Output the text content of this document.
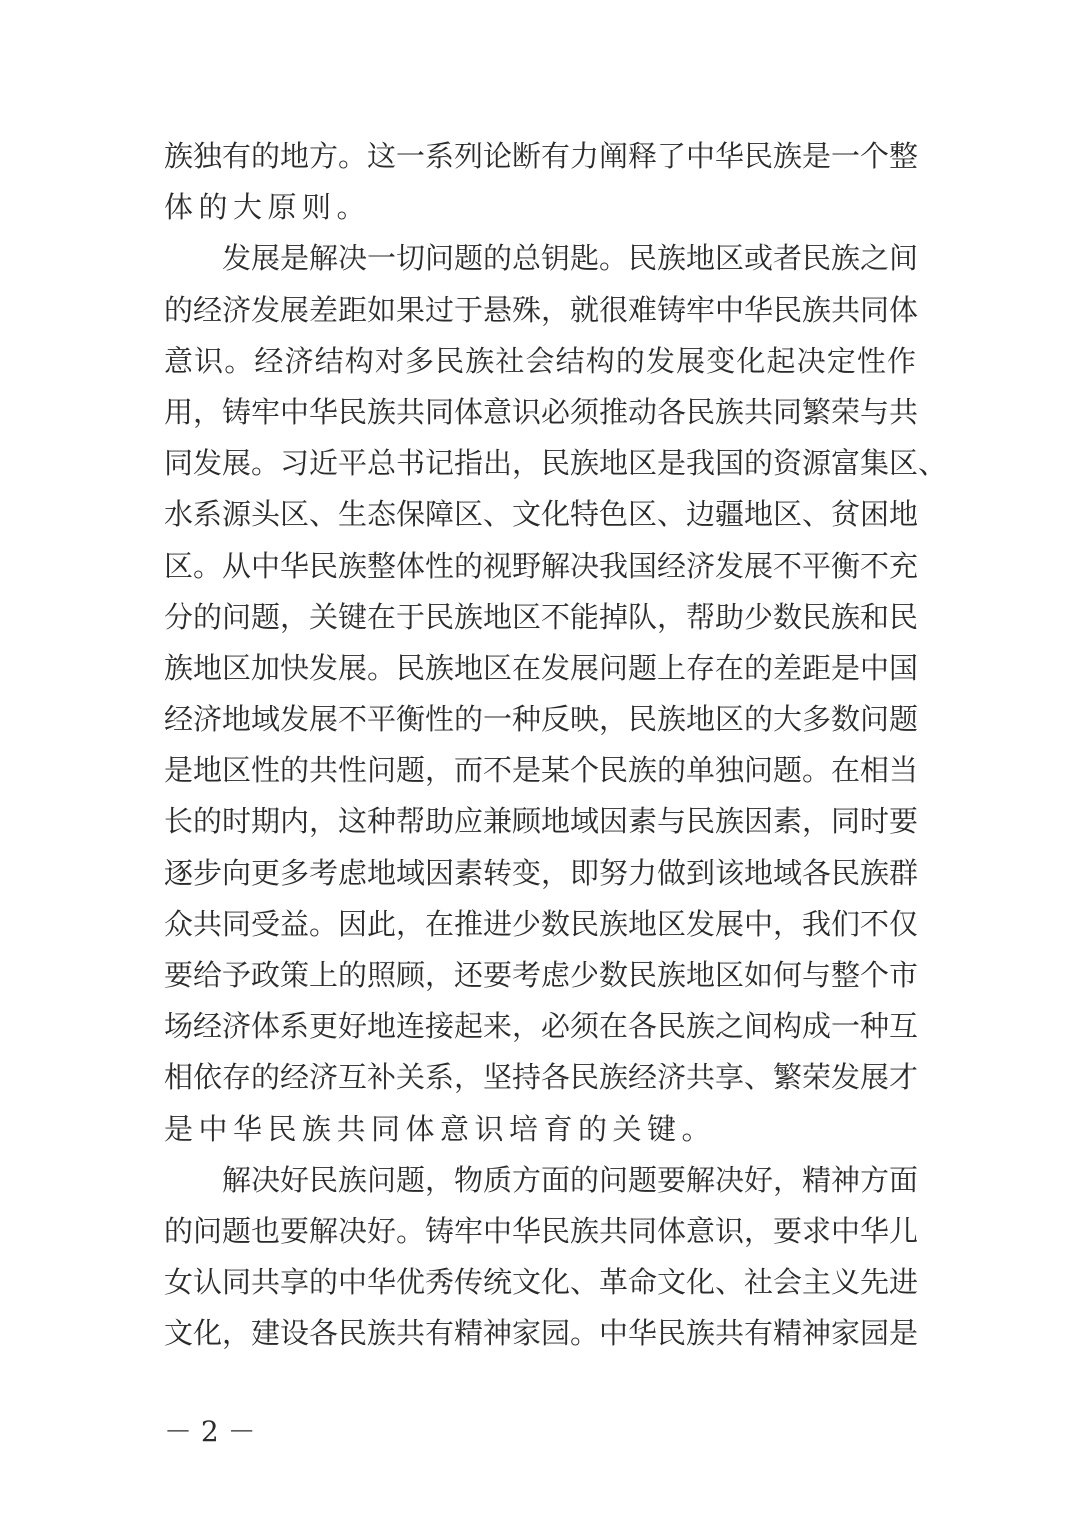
族独有的地方。这一系列论断有力阐释了中华民族是一个整
体的大原则。
发展是解决一切问题的总钥匙。民族地区或者民族之间
的经济发展差距如果过于悬殊，就很难铸牢中华民族共同体
意识。经济结构对多民族社会结构的发展变化起决定性作
用，铸牢中华民族共同体意识必须推动各民族共同繁荣与共
同发展。习近平总书记指出，民族地区是我国的资源富集区、
水系源头区、生态保障区、文化特色区、边疆地区、贫困地
区。从中华民族整体性的视野解决我国经济发展不平衡不充
分的问题，关键在于民族地区不能掉队，帮助少数民族和民
族地区加快发展。民族地区在发展问题上存在的差距是中国
经济地域发展不平衡性的一种反映，民族地区的大多数问题
是地区性的共性问题，而不是某个民族的单独问题。在相当
长的时期内，这种帮助应兼顾地域因素与民族因素，同时要
逐步向更多考虑地域因素转变，即努力做到该地域各民族群
众共同受益。因此，在推进少数民族地区发展中，我们不仅
要给予政策上的照顾，还要考虑少数民族地区如何与整个市
场经济体系更好地连接起来，必须在各民族之间构成一种互
相依存的经济互补关系，坚持各民族经济共享、繁荣发展才
是中华民族共同体意识培育的关键。
解决好民族问题，物质方面的问题要解决好，精神方面
的问题也要解决好。铸牢中华民族共同体意识，要求中华儿
女认同共享的中华优秀传统文化、革命文化、社会主义先进
文化，建设各民族共有精神家园。中华民族共有精神家园是
－ 2 －
